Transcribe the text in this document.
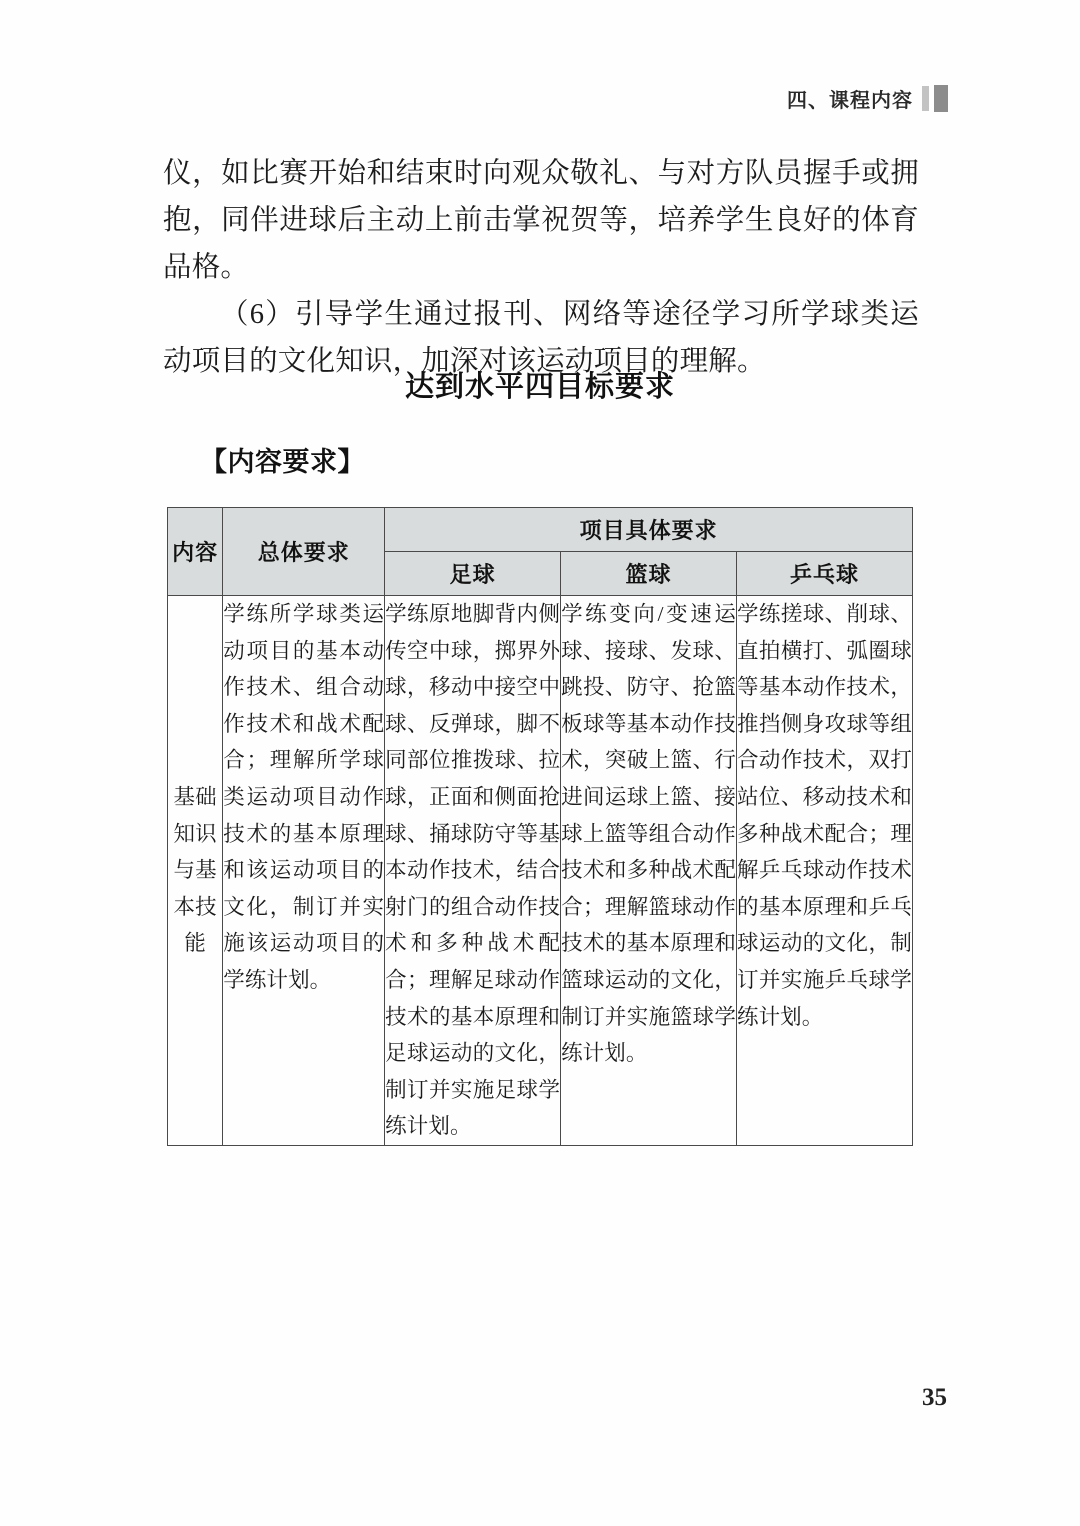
四、课程内容

仪，如比赛开始和结束时向观众敬礼、与对方队员握手或拥抱，同伴进球后主动上前击掌祝贺等，培养学生良好的体育品格。

（6）引导学生通过报刊、网络等途径学习所学球类运动项目的文化知识，加深对该运动项目的理解。

达到水平四目标要求
【内容要求】
内容	总体要求	项目具体要求		
		足球	篮球	乒乓球
基础知识与基本技能	学练所学球类运动项目的基本动作技术、组合动作技术和战术配合；理解所学球类运动项目动作技术的基本原理和该运动项目的文化，制订并实施该运动项目的学练计划。	学练原地脚背内侧传空中球，掷界外球，移动中接空中球、反弹球，脚不同部位推拨球、拉球，正面和侧面抢球、捅球防守等基本动作技术，结合射门的组合动作技术和多种战术配合；理解足球动作技术的基本原理和足球运动的文化，制订并实施足球学练计划。	学练变向/变速运球、接球、发球、跳投、防守、抢篮板球等基本动作技术，突破上篮、行进间运球上篮、接球上篮等组合动作技术和多种战术配合；理解篮球动作技术的基本原理和篮球运动的文化，制订并实施篮球学练计划。	学练搓球、削球、直拍横打、弧圈球等基本动作技术，推挡侧身攻球等组合动作技术，双打站位、移动技术和多种战术配合；理解乒乓球动作技术的基本原理和乒乓球运动的文化，制订并实施乒乓球学练计划。
35
